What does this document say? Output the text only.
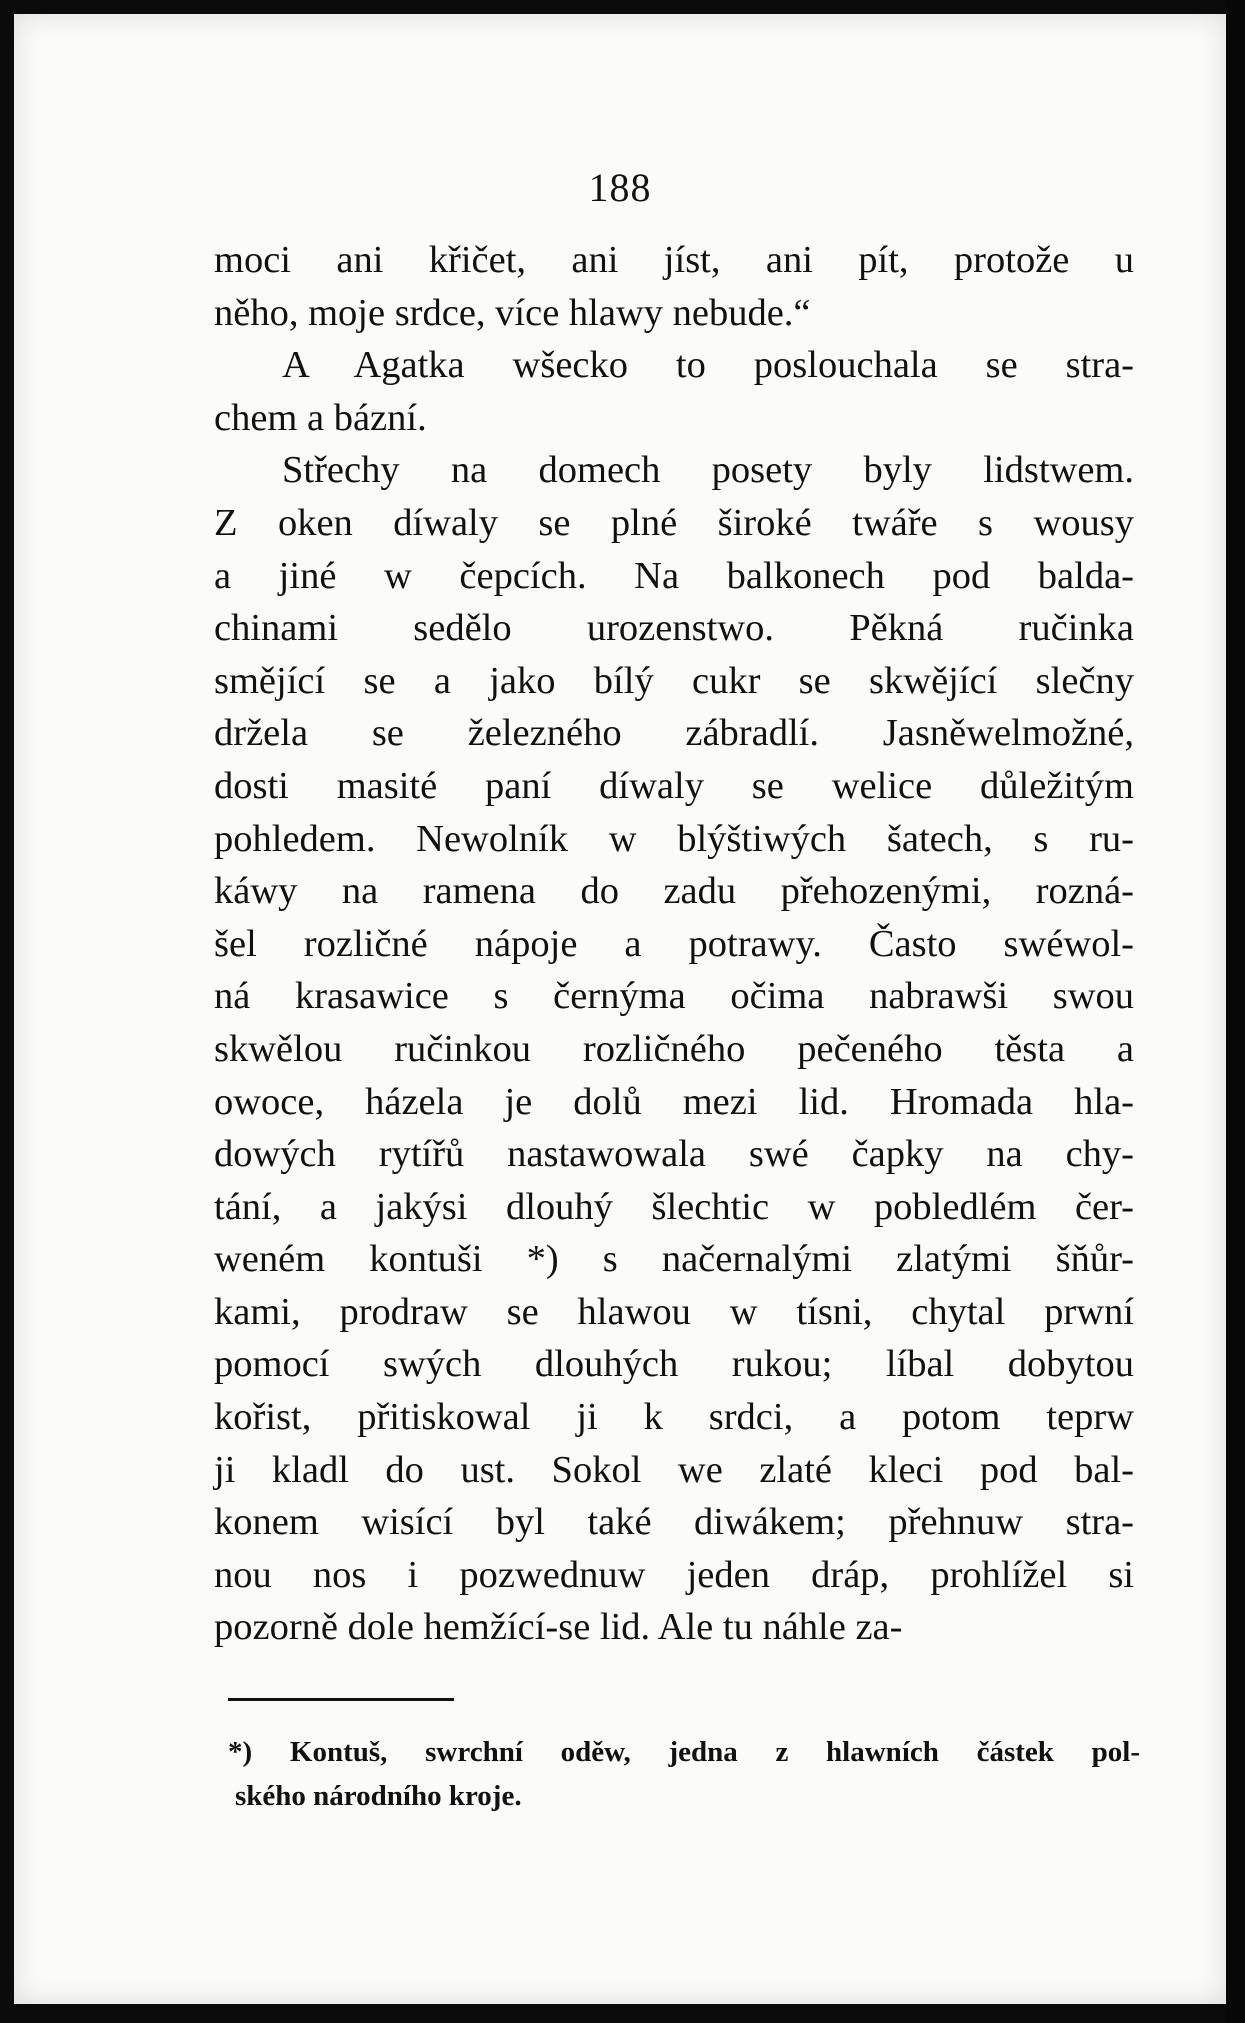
188
moci ani křičet, ani jíst, ani pít, protože u
něho, moje srdce, více hlawy nebude.“
A Agatka wšecko to poslouchala se stra-
chem a bázní.
Střechy na domech posety byly lidstwem.
Z oken díwaly se plné široké twáře s wousy
a jiné w čepcích. Na balkonech pod balda-
chinami sedělo urozenstwo. Pěkná ručinka
smějící se a jako bílý cukr se skwějící slečny
držela se železného zábradlí. Jasněwelmožné,
dosti masité paní díwaly se welice důležitým
pohledem. Newolník w blýštiwých šatech, s ru-
káwy na ramena do zadu přehozenými, rozná-
šel rozličné nápoje a potrawy. Často swéwol-
ná krasawice s černýma očima nabrawši swou
skwělou ručinkou rozličného pečeného těsta a
owoce, házela je dolů mezi lid. Hromada hla-
dowých rytířů nastawowala swé čapky na chy-
tání, a jakýsi dlouhý šlechtic w pobledlém čer-
weném kontuši *) s načernalými zlatými šňůr-
kami, prodraw se hlawou w tísni, chytal prwní
pomocí swých dlouhých rukou; líbal dobytou
kořist, přitiskowal ji k srdci, a potom teprw
ji kladl do ust. Sokol we zlaté kleci pod bal-
konem wisící byl také diwákem; přehnuw stra-
nou nos i pozwednuw jeden dráp, prohlížel si
pozorně dole hemžící-se lid. Ale tu náhle za-
*) Kontuš, swrchní oděw, jedna z hlawních částek pol-
ského národního kroje.
